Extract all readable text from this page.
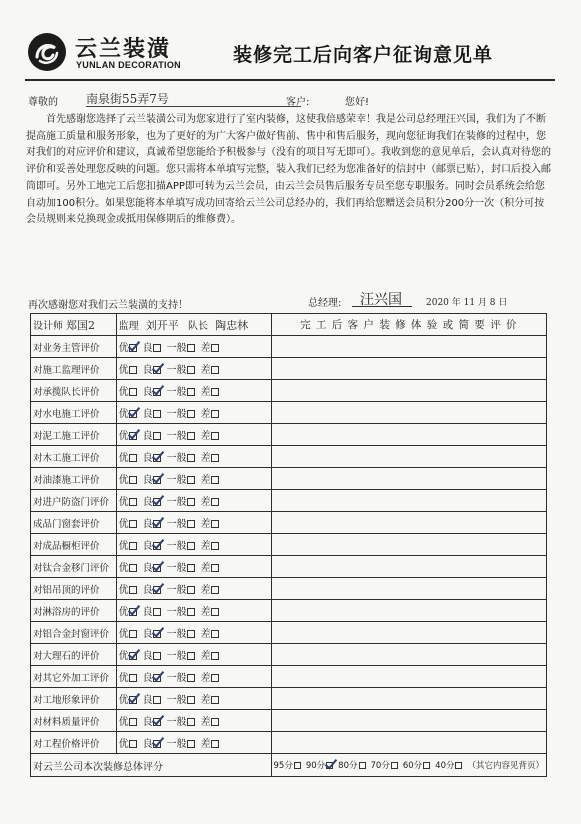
云兰装潢
YUNLAN DECORATION	装修完工后向客户征询意见单
尊敬的 南泉街55弄7号	客户:	您好!

首先感谢您选择了云兰装潢公司为您家进行了室内装修，这使我倍感荣幸！我是公司总经理汪兴国，我们为了不断提高施工质量和服务形象，也为了更好的为广大客户做好售前、售中和售后服务，现向您征询我们在装修的过程中，您对我们的对应评价和建议，真诚希望您能给予积极参与（没有的项目写无即可）。我收到您的意见单后，会认真对待您的评价和妥善处理您反映的问题。您只需将本单填写完整，装入我们已经为您准备好的信封中（邮票已贴），封口后投入邮筒即可。另外工地完工后您扣描APP即可转为云兰会员，由云兰会员售后服务专员至您专职服务。同时会员系统会给您自动加100积分。如果您能将本单填写成功回寄给云兰公司总经办的，我们再给您赠送会员积分200分一次（积分可按会员规则来兑换现金或抵用保修期后的维修费）。

再次感谢您对我们云兰装潢的支持！	总经理: 汪兴国	2020 年 11 月 8 日
设计师 郑国2	监理 刘开平 队长 陶忠林	完 工 后 客 户 装 修 体 验 或 简 要 评 价
对业务主管评价	优 良 一般 差	
对施工监理评价	优 良 一般 差	
对承揽队长评价	优 良 一般 差	
对水电施工评价	优 良 一般 差	
对泥工施工评价	优 良 一般 差	
对木工施工评价	优 良 一般 差	
对油漆施工评价	优 良 一般 差	
对进户防盗门评价	优 良 一般 差	
成品门窗套评价	优 良 一般 差	
对成品橱柜评价	优 良 一般 差	
对钛合金移门评价	优 良 一般 差	
对铝吊顶的评价	优 良 一般 差	
对淋浴房的评价	优 良 一般 差	
对铝合金封窗评价	优 良 一般 差	
对大理石的评价	优 良 一般 差	
对其它外加工评价	优 良 一般 差	
对工地形象评价	优 良 一般 差	
对材料质量评价	优 良 一般 差	
对工程价格评价	优 良 一般 差	
对云兰公司本次装修总体评分		95分 90分 80分 70分 60分 40分 （其它内容见背页）
